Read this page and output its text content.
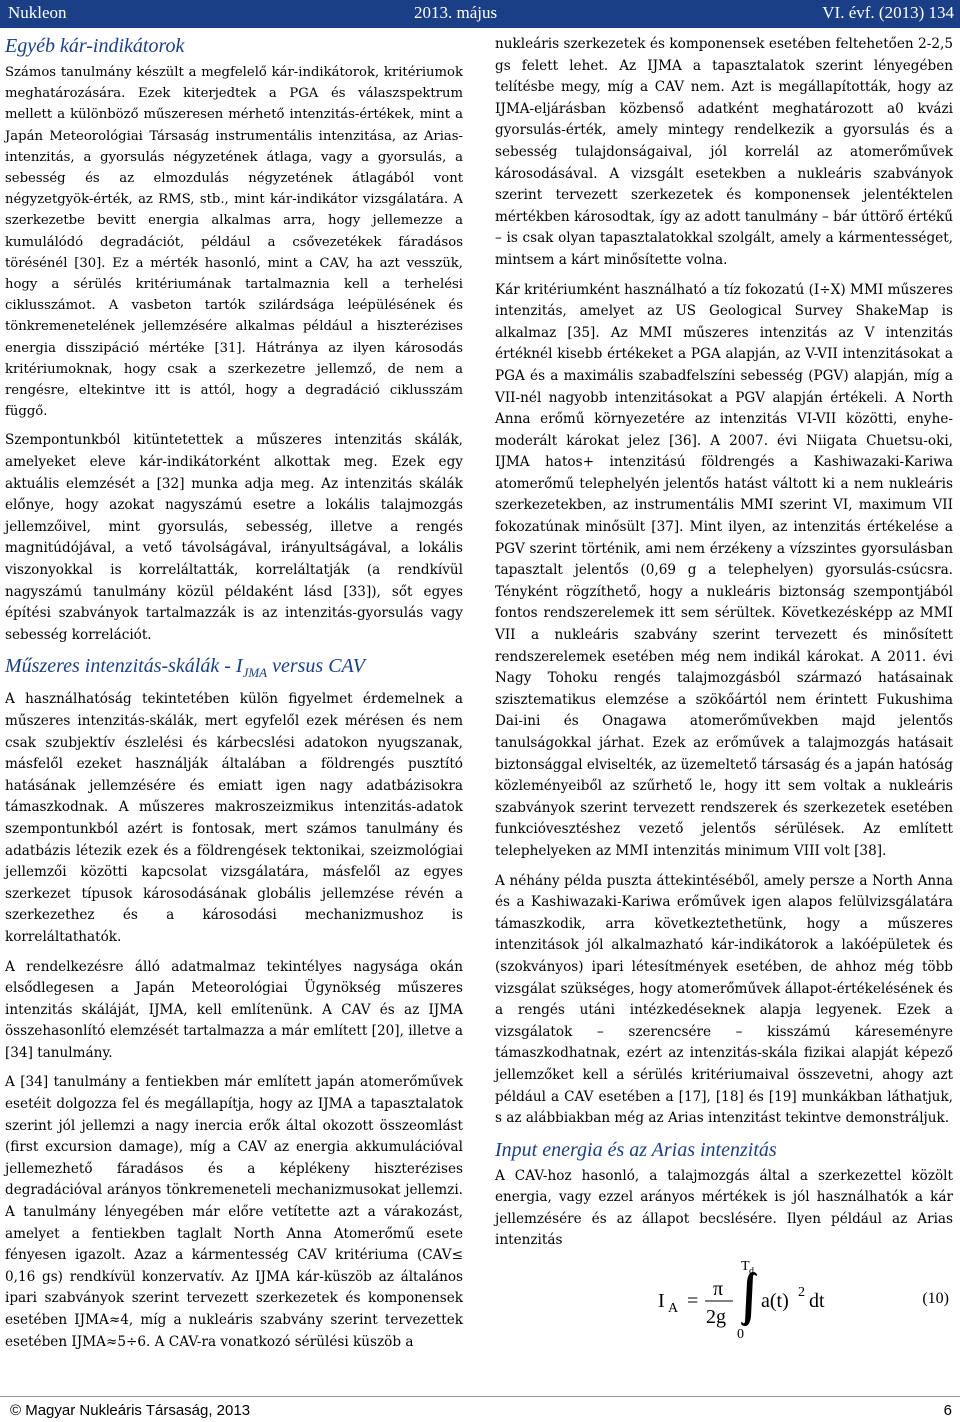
Nukleon	2013. május	VI. évf. (2013) 134
Egyéb kár-indikátorok

Számos tanulmány készült a megfelelő kár-indikátorok, kritériumok meghatározására. Ezek kiterjedtek a PGA és válaszspektrum mellett a különböző műszeresen mérhető intenzitás-értékek, mint a Japán Meteorológiai Társaság instrumentális intenzitása, az Arias-intenzitás, a gyorsulás négyzetének átlaga, vagy a gyorsulás, a sebesség és az elmozdulás négyzetének átlagából vont négyzetgyök-érték, az RMS, stb., mint kár-indikátor vizsgálatára. A szerkezetbe bevitt energia alkalmas arra, hogy jellemezze a kumulálódó degradációt, például a csővezetékek fáradásos törésénél [30]. Ez a mérték hasonló, mint a CAV, ha azt vesszük, hogy a sérülés kritériumának tartalmaznia kell a terhelési ciklusszámot. A vasbeton tartók szilárdsága leépülésének és tönkremenetelének jellemzésére alkalmas például a hiszterézises energia disszipáció mértéke [31]. Hátránya az ilyen károsodás kritériumoknak, hogy csak a szerkezetre jellemző, de nem a rengésre, eltekintve itt is attól, hogy a degradáció ciklusszám függő.

Szempontunkból kitüntetettek a műszeres intenzitás skálák, amelyeket eleve kár-indikátorként alkottak meg. Ezek egy aktuális elemzését a [32] munka adja meg. Az intenzitás skálák előnye, hogy azokat nagyszámú esetre a lokális talajmozgás jellemzőivel, mint gyorsulás, sebesség, illetve a rengés magnitúdójával, a vető távolságával, irányultságával, a lokális viszonyokkal is korreláltatták, korreláltatják (a rendkívül nagyszámú tanulmány közül példaként lásd [33]), sőt egyes építési szabványok tartalmazzák is az intenzitás-gyorsulás vagy sebesség korrelációt.

Műszeres intenzitás-skálák - $I_{JMA}$ versus CAV

A használhatóság tekintetében külön figyelmet érdemelnek a műszeres intenzitás-skálák, mert egyfelől ezek mérésen és nem csak szubjektív észlelési és kárbecslési adatokon nyugszanak, másfelől ezeket használják általában a földrengés pusztító hatásának jellemzésére és emiatt igen nagy adatbázisokra támaszkodnak. A műszeres makroszeizmikus intenzitás-adatok szempontunkból azért is fontosak, mert számos tanulmány és adatbázis létezik ezek és a földrengések tektonikai, szeizmológiai jellemzői közötti kapcsolat vizsgálatára, másfelől az egyes szerkezet típusok károsodásának globális jellemzése révén a szerkezethez és a károsodási mechanizmushoz is korreláltathatók.

A rendelkezésre álló adatmalmaz tekintélyes nagysága okán elsődlegesen a Japán Meteorológiai Ügynökség műszeres intenzitás skáláját, IJMA, kell említenünk. A CAV és az IJMA összehasonlító elemzését tartalmazza a már említett [20], illetve a [34] tanulmány.

A [34] tanulmány a fentiekben már említett japán atomerőművek esetéit dolgozza fel és megállapítja, hogy az IJMA a tapasztalatok szerint jól jellemzi a nagy inercia erők által okozott összeomlást (first excursion damage), míg a CAV az energia akkumulációval jellemezhető fáradásos és a képlékeny hiszterézises degradációval arányos tönkremeneteli mechanizmusokat jellemzi. A tanulmány lényegében már előre vetítette azt a várakozást, amelyet a fentiekben taglalt North Anna Atomerőmű esete fényesen igazolt. Azaz a kármentesség CAV kritériuma (CAV≤ 0,16 gs) rendkívül konzervatív. Az IJMA kár-küszöb az általános ipari szabványok szerint tervezett szerkezetek és komponensek esetében IJMA≈4, míg a nukleáris szabvány szerint tervezettek esetében IJMA≈5÷6. A CAV-ra vonatkozó sérülési küszöb a

nukleáris szerkezetek és komponensek esetében feltehetően 2-2,5 gs felett lehet. Az IJMA a tapasztalatok szerint lényegében telítésbe megy, míg a CAV nem. Azt is megállapították, hogy az IJMA-eljárásban közbenső adatként meghatározott a0 kvázi gyorsulás-érték, amely mintegy rendelkezik a gyorsulás és a sebesség tulajdonságaival, jól korrelál az atomerőművek károsodásával. A vizsgált esetekben a nukleáris szabványok szerint tervezett szerkezetek és komponensek jelentéktelen mértékben károsodtak, így az adott tanulmány – bár úttörő értékű – is csak olyan tapasztalatokkal szolgált, amely a kármentességet, mintsem a kárt minősítette volna.

Kár kritériumként használható a tíz fokozatú (I÷X) MMI műszeres intenzitás, amelyet az US Geological Survey ShakeMap is alkalmaz [35]. Az MMI műszeres intenzitás az V intenzitás értéknél kisebb értékeket a PGA alapján, az V-VII intenzitásokat a PGA és a maximális szabadfelszíni sebesség (PGV) alapján, míg a VII-nél nagyobb intenzitásokat a PGV alapján értékeli. A North Anna erőmű környezetére az intenzitás VI-VII közötti, enyhe-moderált károkat jelez [36]. A 2007. évi Niigata Chuetsu-oki, IJMA hatos+ intenzitású földrengés a Kashiwazaki-Kariwa atomerőmű telephelyén jelentős hatást váltott ki a nem nukleáris szerkezetekben, az instrumentális MMI szerint VI, maximum VII fokozatúnak minősült [37]. Mint ilyen, az intenzitás értékelése a PGV szerint történik, ami nem érzékeny a vízszintes gyorsulásban tapasztalt jelentős (0,69 g a telephelyen) gyorsulás-csúcsra. Tényként rögzíthető, hogy a nukleáris biztonság szempontjából fontos rendszerelemek itt sem sérültek. Következésképp az MMI VII a nukleáris szabvány szerint tervezett és minősített rendszerelemek esetében még nem indikál károkat. A 2011. évi Nagy Tohoku rengés talajmozgásból származó hatásainak szisztematikus elemzése a szökőártól nem érintett Fukushima Dai-ini és Onagawa atomerőművekben majd jelentős tanulságokkal járhat. Ezek az erőművek a talajmozgás hatásait biztonsággal elviselték, az üzemeltető társaság és a japán hatóság közleményeiből az szűrhető le, hogy itt sem voltak a nukleáris szabványok szerint tervezett rendszerek és szerkezetek esetében funkcióvesztéshez vezető jelentős sérülések. Az említett telephelyeken az MMI intenzitás minimum VIII volt [38].

A néhány példa puszta áttekintéséből, amely persze a North Anna és a Kashiwazaki-Kariwa erőművek igen alapos felülvizsgálatára támaszkodik, arra következtethetünk, hogy a műszeres intenzitások jól alkalmazható kár-indikátorok a lakóépületek és (szokványos) ipari létesítmények esetében, de ahhoz még több vizsgálat szükséges, hogy atomerőművek állapot-értékelésének és a rengés utáni intézkedéseknek alapja legyenek. Ezek a vizsgálatok – szerencsére – kisszámú káreseményre támaszkodhatnak, ezért az intenzitás-skála fizikai alapját képező jellemzőket kell a sérülés kritériumaival összevetni, ahogy azt például a CAV esetében a [17], [18] és [19] munkákban láthatjuk, s az alábbiakban még az Arias intenzitást tekintve demonstráljuk.

Input energia és az Arias intenzitás

A CAV-hoz hasonló, a talajmozgás által a szerkezettel közölt energia, vagy ezzel arányos mértékek is jól használhatók a kár jellemzésére és az állapot becslésére. Ilyen például az Arias intenzitás

I A =
π
2g
T d
0
a(t) 2 dt	(10)
© Magyar Nukleáris Társaság, 2013	6
